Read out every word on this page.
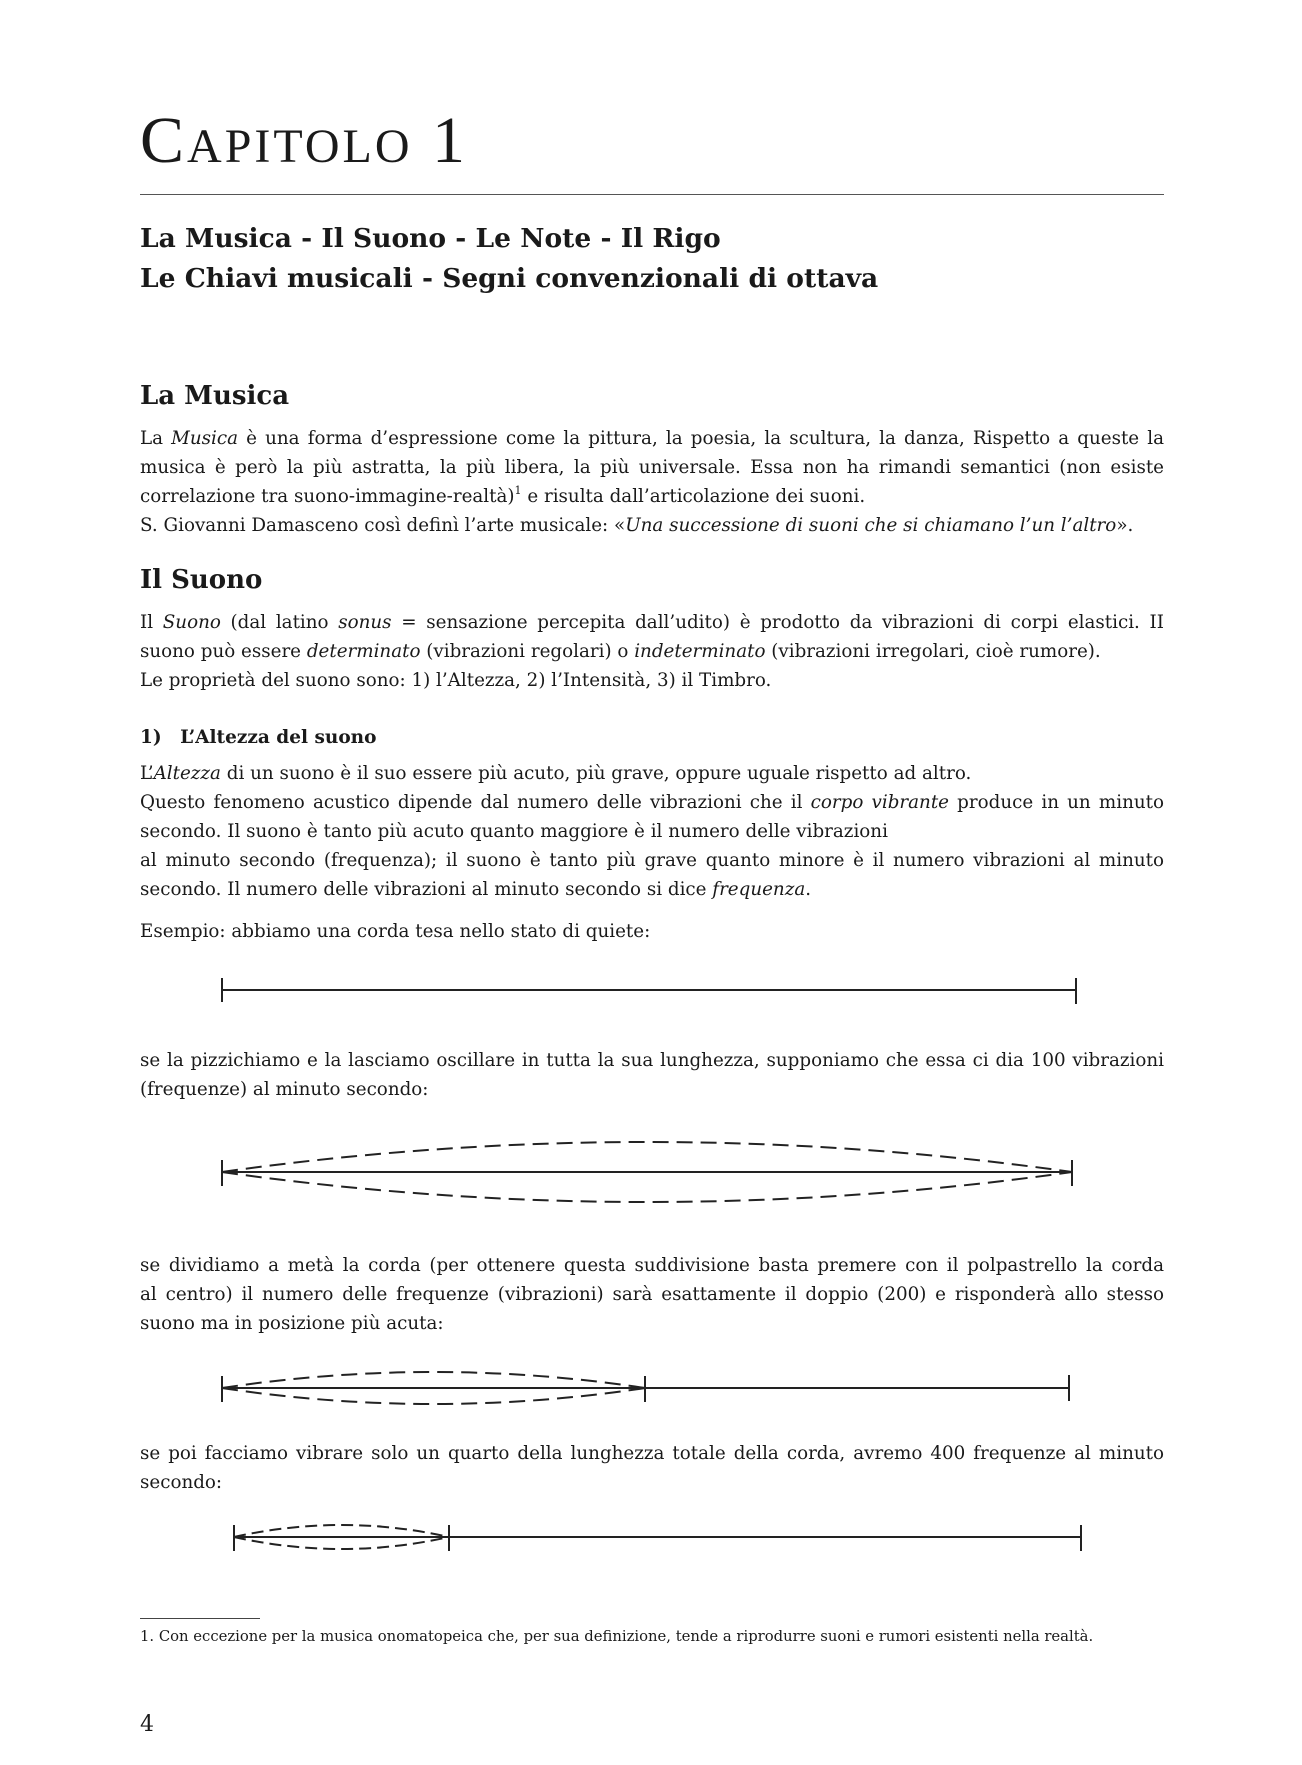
CAPITOLO 1
La Musica - Il Suono - Le Note - Il Rigo
Le Chiavi musicali - Segni convenzionali di ottava
La Musica
La Musica è una forma d’espressione come la pittura, la poesia, la scultura, la danza, Rispetto a queste la
musica è però la più astratta, la più libera, la più universale. Essa non ha rimandi semantici (non esiste
correlazione tra suono-immagine-realtà)$^1$ e risulta dall’articolazione dei suoni.
S. Giovanni Damasceno così definì l’arte musicale: «Una successione di suoni che si chiamano l’un l’altro».
Il Suono
Il Suono (dal latino sonus = sensazione percepita dall’udito) è prodotto da vibrazioni di corpi elastici. II
suono può essere determinato (vibrazioni regolari) o indeterminato (vibrazioni irregolari, cioè rumore).
Le proprietà del suono sono: 1) l’Altezza, 2) l’Intensità, 3) il Timbro.
1) L’Altezza del suono
L’Altezza di un suono è il suo essere più acuto, più grave, oppure uguale rispetto ad altro.
Questo fenomeno acustico dipende dal numero delle vibrazioni che il corpo vibrante produce in un minuto
secondo. Il suono è tanto più acuto quanto maggiore è il numero delle vibrazioni
al minuto secondo (frequenza); il suono è tanto più grave quanto minore è il numero vibrazioni al minuto
secondo. Il numero delle vibrazioni al minuto secondo si dice frequenza.
Esempio: abbiamo una corda tesa nello stato di quiete:
se la pizzichiamo e la lasciamo oscillare in tutta la sua lunghezza, supponiamo che essa ci dia 100 vibrazioni
(frequenze) al minuto secondo:
se dividiamo a metà la corda (per ottenere questa suddivisione basta premere con il polpastrello la corda
al centro) il numero delle frequenze (vibrazioni) sarà esattamente il doppio (200) e risponderà allo stesso
suono ma in posizione più acuta:
se poi facciamo vibrare solo un quarto della lunghezza totale della corda, avremo 400 frequenze al minuto
secondo:
1. Con eccezione per la musica onomatopeica che, per sua definizione, tende a riprodurre suoni e rumori esistenti nella realtà.
4
